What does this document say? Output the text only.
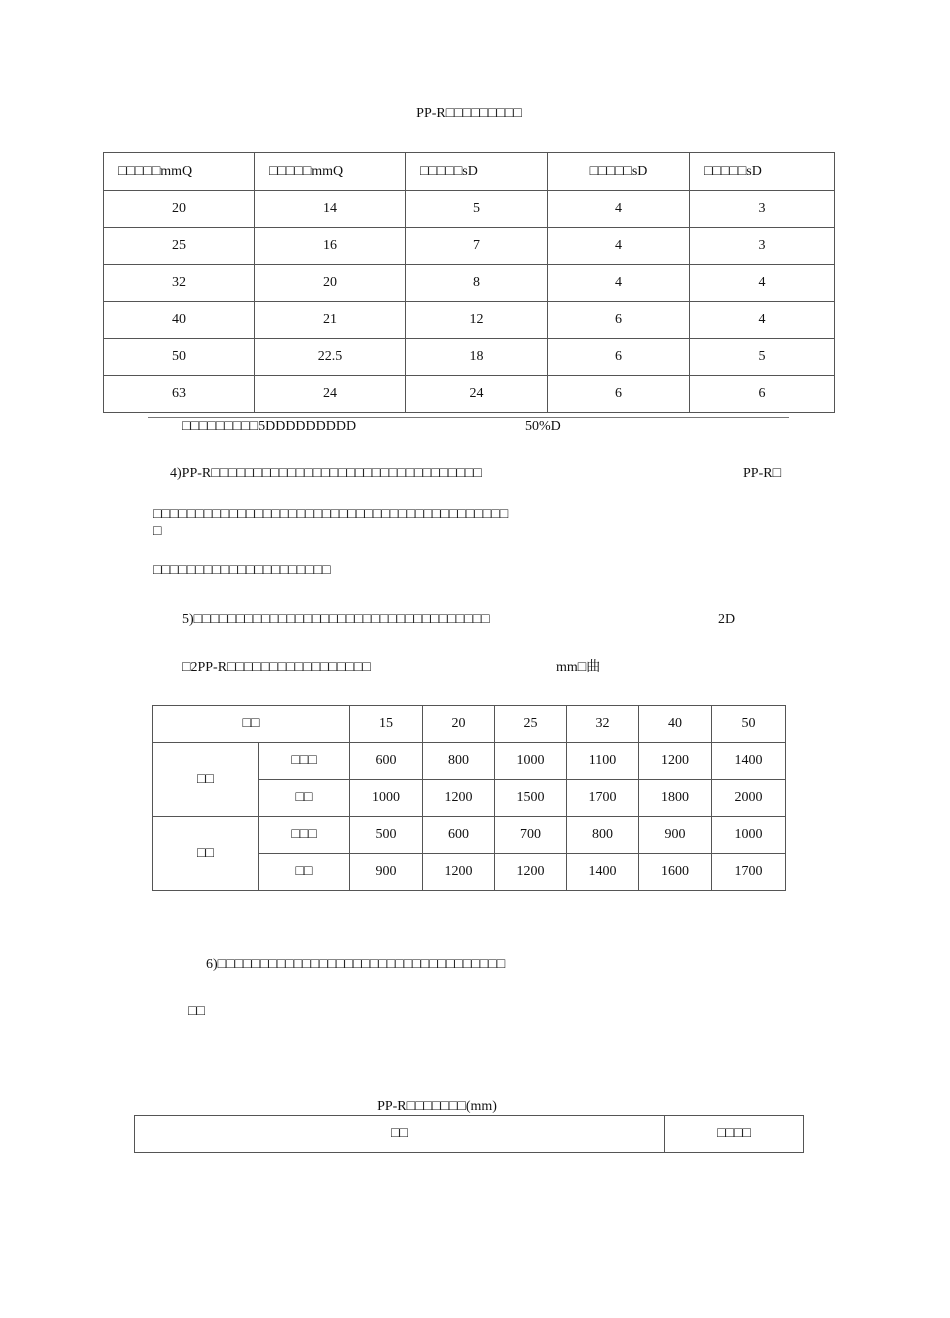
PP-R□□□□□□□□□
□□□□□mmQ	□□□□□mmQ	□□□□□sD	□□□□□sD	□□□□□sD
20	14	5	4	3
25	16	7	4	3
32	20	8	4	4
40	21	12	6	4
50	22.5	18	6	5
63	24	24	6	6
□□□□□□□□□5DDDDDDDDD	50%D
4)PP-R□□□□□□□□□□□□□□□□□□□□□□□□□□□□□□□□	PP-R□
□□□□□□□□□□□□□□□□□□□□□□□□□□□□□□□□□□□□□□□□□□
□
□□□□□□□□□□□□□□□□□□□□□
5)□□□□□□□□□□□□□□□□□□□□□□□□□□□□□□□□□□□	2D
□2PP-R□□□□□□□□□□□□□□□□□	mm□曲
□□		15	20	25	32	40	50
□□	□□□	600	800	1000	1100	1200	1400
	□□	1000	1200	1500	1700	1800	2000
□□	□□□	500	600	700	800	900	1000
	□□	900	1200	1200	1400	1600	1700
6)□□□□□□□□□□□□□□□□□□□□□□□□□□□□□□□□□□
□□
PP-R□□□□□□□(mm)
□□	□□□□
